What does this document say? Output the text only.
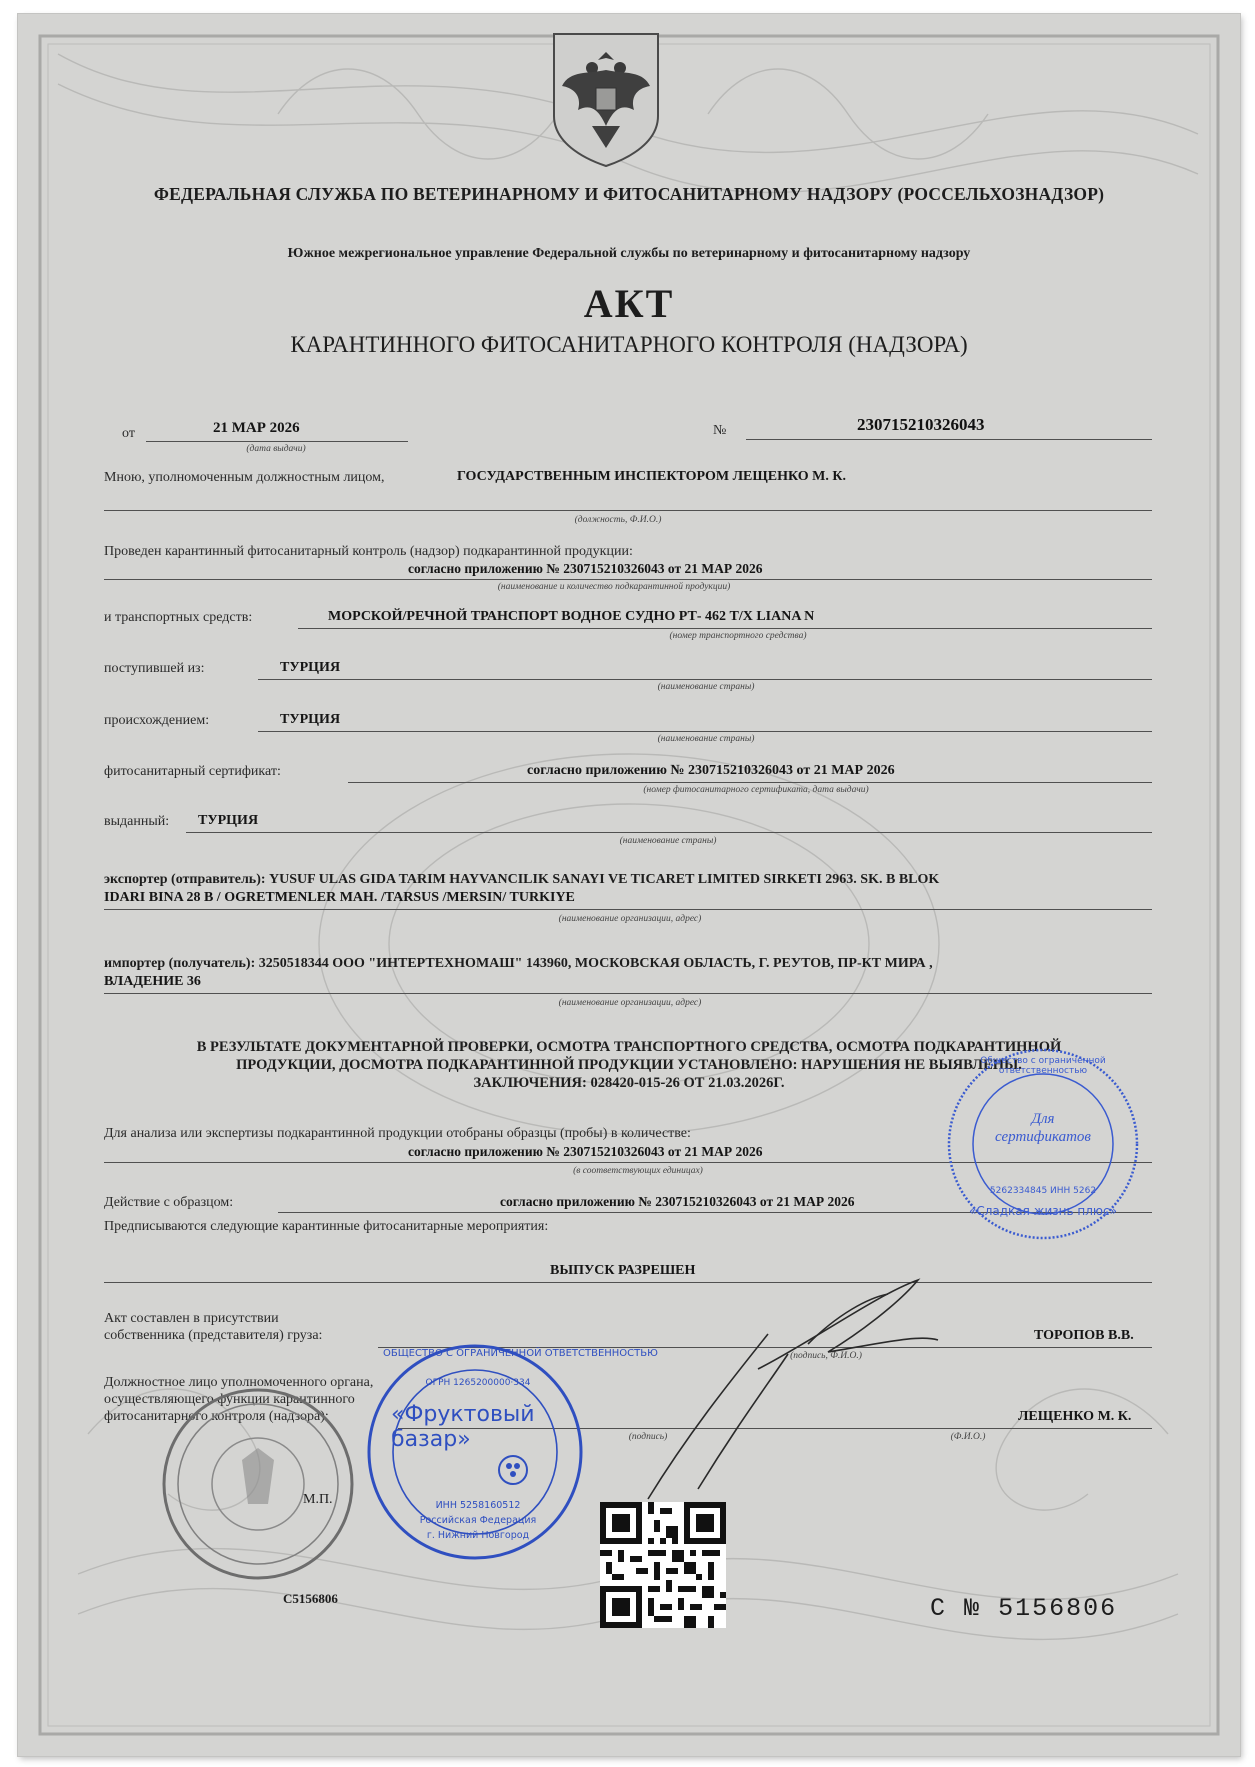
ФЕДЕРАЛЬНАЯ СЛУЖБА ПО ВЕТЕРИНАРНОМУ И ФИТОСАНИТАРНОМУ НАДЗОРУ (РОССЕЛЬХОЗНАДЗОР)
Южное межрегиональное управление Федеральной службы по ветеринарному и фитосанитарному надзору
АКТ
КАРАНТИННОГО ФИТОСАНИТАРНОГО КОНТРОЛЯ (НАДЗОРА)
от	21 МАР 2026
(дата выдачи)
№	230715210326043
Мною, уполномоченным должностным лицом,	ГОСУДАРСТВЕННЫМ ИНСПЕКТОРОМ ЛЕЩЕНКО М. К.
(должность, Ф.И.О.)
Проведен карантинный фитосанитарный контроль (надзор) подкарантинной продукции:
согласно приложению № 230715210326043 от 21 МАР 2026
(наименование и количество подкарантинной продукции)
и транспортных средств:	МОРСКОЙ/РЕЧНОЙ ТРАНСПОРТ ВОДНОЕ СУДНО РТ- 462 T/X LIANA N
(номер транспортного средства)
поступившей из:	ТУРЦИЯ
(наименование страны)
происхождением:	ТУРЦИЯ
(наименование страны)
фитосанитарный сертификат:	согласно приложению № 230715210326043 от 21 МАР 2026
(номер фитосанитарного сертификата, дата выдачи)
выданный: ТУРЦИЯ
(наименование страны)
экспортер (отправитель): YUSUF ULAS GIDA TARIM HAYVANCILIK SANAYI VE TICARET LIMITED SIRKETI 2963. SK. B BLOK
IDARI BINA 28 B / OGRETMENLER MAH. /TARSUS /MERSIN/ TURKIYE
(наименование организации, адрес)
импортер (получатель): 3250518344 ООО "ИНТЕРТЕХНОМАШ" 143960, МОСКОВСКАЯ ОБЛАСТЬ, Г. РЕУТОВ, ПР-КТ МИРА ,
ВЛАДЕНИЕ 36
(наименование организации, адрес)
В РЕЗУЛЬТАТЕ ДОКУМЕНТАРНОЙ ПРОВЕРКИ, ОСМОТРА ТРАНСПОРТНОГО СРЕДСТВА, ОСМОТРА ПОДКАРАНТИННОЙ
ПРОДУКЦИИ, ДОСМОТРА ПОДКАРАНТИННОЙ ПРОДУКЦИИ УСТАНОВЛЕНО: НАРУШЕНИЯ НЕ ВЫЯВЛЕНЫ.
ЗАКЛЮЧЕНИЯ: 028420-015-26 ОТ 21.03.2026Г.
Для анализа или экспертизы подкарантинной продукции отобраны образцы (пробы) в количестве:
согласно приложению № 230715210326043 от 21 МАР 2026
(в соответствующих единицах)
Действие с образцом:	согласно приложению № 230715210326043 от 21 МАР 2026
Предписываются следующие карантинные фитосанитарные мероприятия:
ВЫПУСК РАЗРЕШЕН
Акт составлен в присутствии
собственника (представителя) груза:	ТОРОПОВ В.В.
(подпись, Ф.И.О.)
Должностное лицо уполномоченного органа,
осуществляющего функции карантинного
фитосанитарного контроля (надзора):	ЛЕЩЕНКО М. К.
(подпись)	(Ф.И.О.)
М.П.
C5156806
ОБЩЕСТВО С ОГРАНИЧЕННОЙ ОТВЕТСТВЕННОСТЬЮ
ОГРН 1265200000·334
«Фруктовый базар»
ИНН 5258160512
Российская Федерация
г. Нижний Новгород
Общество с ограниченной ответственностью
Для сертификатов
5262334845 ИНН 5262
«Сладкая жизнь плюс»
С № 5156806
